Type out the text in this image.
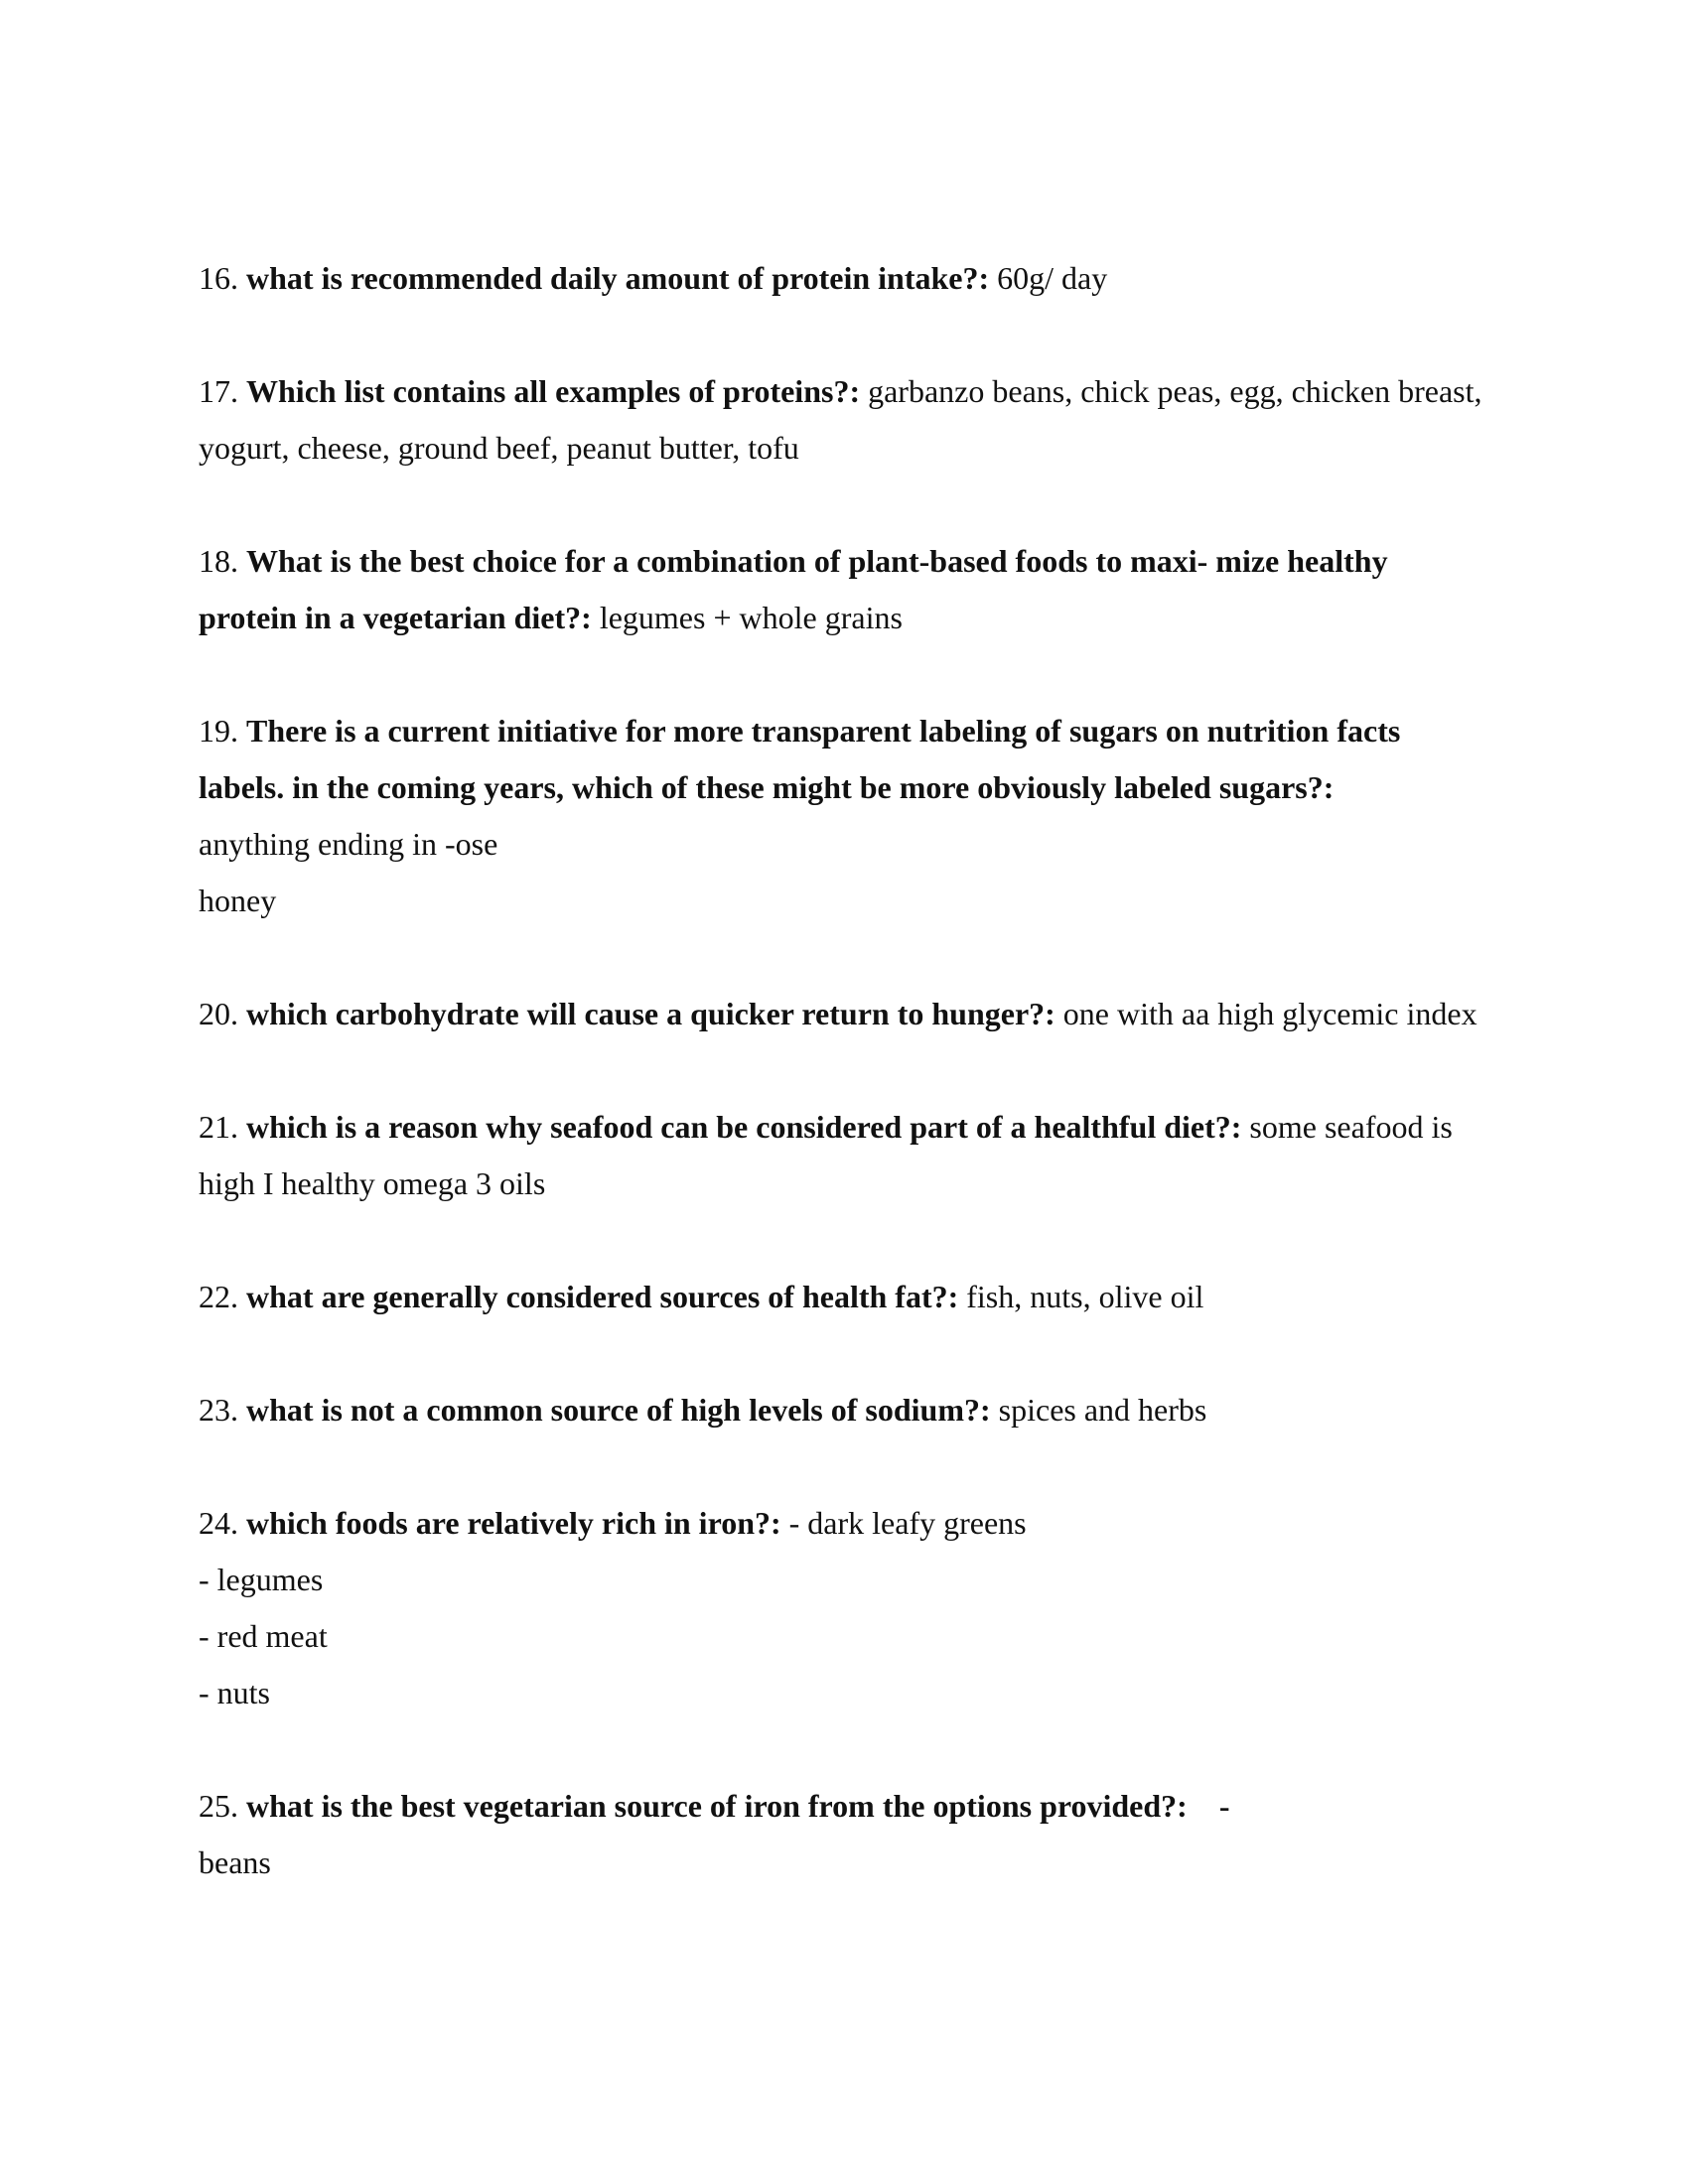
16. what is recommended daily amount of protein intake?: 60g/ day

17. Which list contains all examples of proteins?: garbanzo beans, chick peas, egg, chicken breast, yogurt, cheese, ground beef, peanut butter, tofu

18. What is the best choice for a combination of plant-based foods to maxi- mize healthy protein in a vegetarian diet?: legumes + whole grains

19. There is a current initiative for more transparent labeling of sugars on nutrition facts labels. in the coming years, which of these might be more obviously labeled sugars?:
anything ending in -ose
honey

20. which carbohydrate will cause a quicker return to hunger?: one with aa high glycemic index

21. which is a reason why seafood can be considered part of a healthful diet?: some seafood is high I healthy omega 3 oils

22. what are generally considered sources of health fat?: fish, nuts, olive oil

23. what is not a common source of high levels of sodium?: spices and herbs

24. which foods are relatively rich in iron?: - dark leafy greens
- legumes
- red meat
- nuts

25. what is the best vegetarian source of iron from the options provided?:    -
beans
